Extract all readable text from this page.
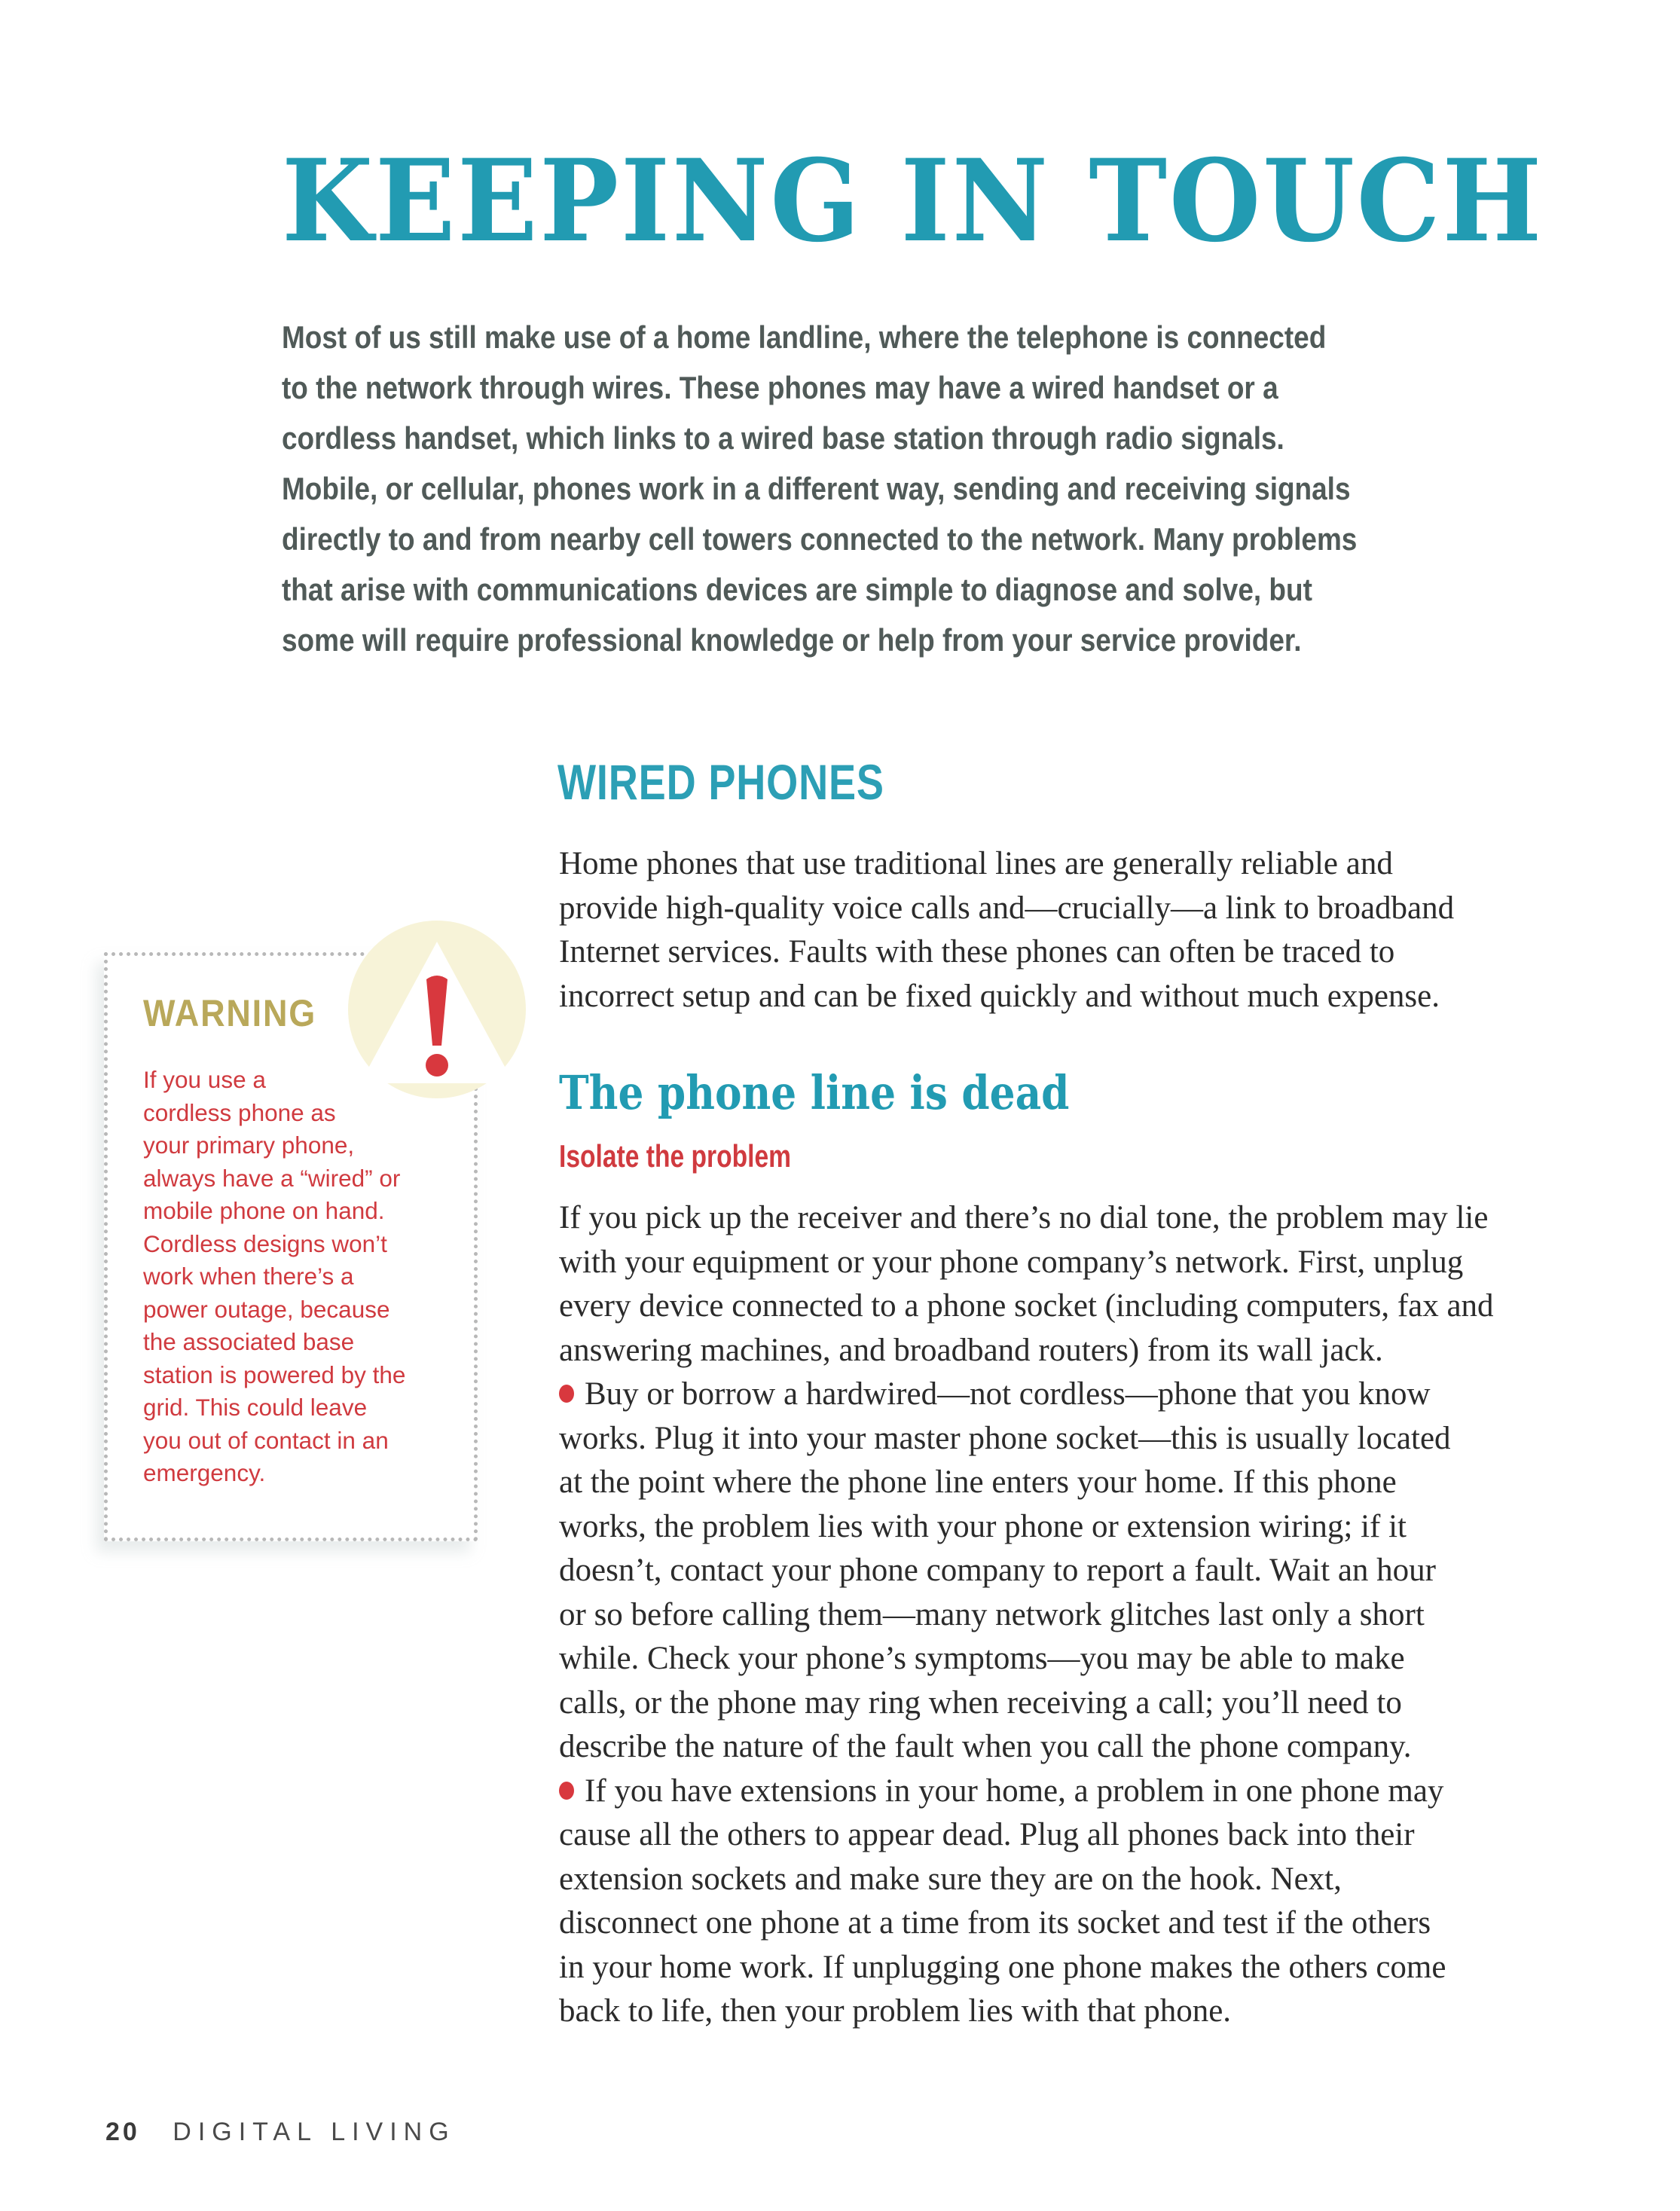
KEEPING IN TOUCH
Most of us still make use of a home landline, where the telephone is connected
to the network through wires. These phones may have a wired handset or a
cordless handset, which links to a wired base station through radio signals.
Mobile, or cellular, phones work in a different way, sending and receiving signals
directly to and from nearby cell towers connected to the network. Many problems
that arise with communications devices are simple to diagnose and solve, but
some will require professional knowledge or help from your service provider.
WARNING
If you use a
cordless phone as
your primary phone,
always have a “wired” or
mobile phone on hand.
Cordless designs won’t
work when there’s a
power outage, because
the associated base
station is powered by the
grid. This could leave
you out of contact in an
emergency.
WIRED PHONES
Home phones that use traditional lines are generally reliable and
provide high-quality voice calls and—crucially—a link to broadband
Internet services. Faults with these phones can often be traced to
incorrect setup and can be fixed quickly and without much expense.
The phone line is dead
Isolate the problem
If you pick up the receiver and there’s no dial tone, the problem may lie
with your equipment or your phone company’s network. First, unplug
every device connected to a phone socket (including computers, fax and
answering machines, and broadband routers) from its wall jack.
Buy or borrow a hardwired—not cordless—phone that you know
works. Plug it into your master phone socket—this is usually located
at the point where the phone line enters your home. If this phone
works, the problem lies with your phone or extension wiring; if it
doesn’t, contact your phone company to report a fault. Wait an hour
or so before calling them—many network glitches last only a short
while. Check your phone’s symptoms—you may be able to make
calls, or the phone may ring when receiving a call; you’ll need to
describe the nature of the fault when you call the phone company.
If you have extensions in your home, a problem in one phone may
cause all the others to appear dead. Plug all phones back into their
extension sockets and make sure they are on the hook. Next,
disconnect one phone at a time from its socket and test if the others
in your home work. If unplugging one phone makes the others come
back to life, then your problem lies with that phone.
20 DIGITAL LIVING
